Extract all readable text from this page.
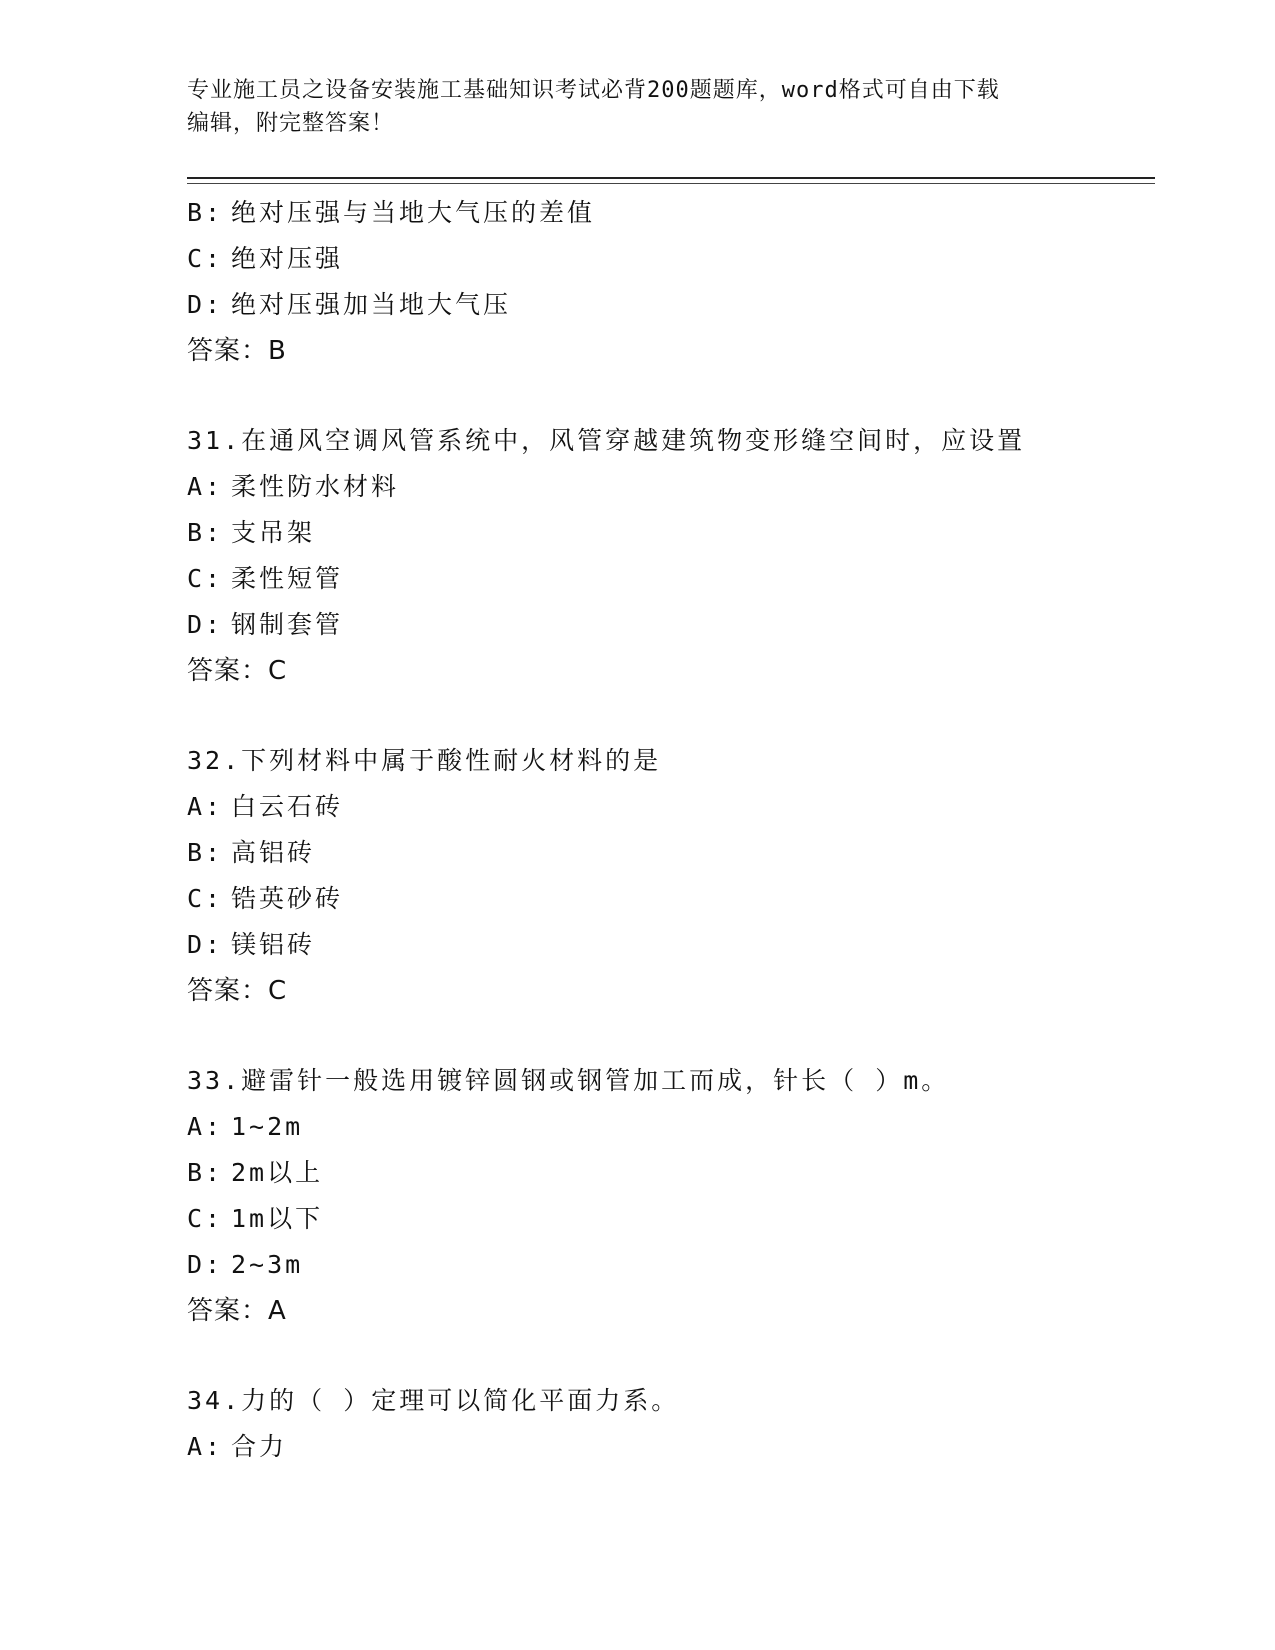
专业施工员之设备安装施工基础知识考试必背200题题库，word格式可自由下载
编辑，附完整答案！
B: 绝对压强与当地大气压的差值
C: 绝对压强
D: 绝对压强加当地大气压
答案：B
31.在通风空调风管系统中，风管穿越建筑物变形缝空间时，应设置
A: 柔性防水材料
B: 支吊架
C: 柔性短管
D: 钢制套管
答案：C
32.下列材料中属于酸性耐火材料的是
A: 白云石砖
B: 高铝砖
C: 锆英砂砖
D: 镁铝砖
答案：C
33.避雷针一般选用镀锌圆钢或钢管加工而成，针长（ ）m。
A: 1~2m
B: 2m以上
C: 1m以下
D: 2~3m
答案：A
34.力的（ ）定理可以简化平面力系。
A: 合力
